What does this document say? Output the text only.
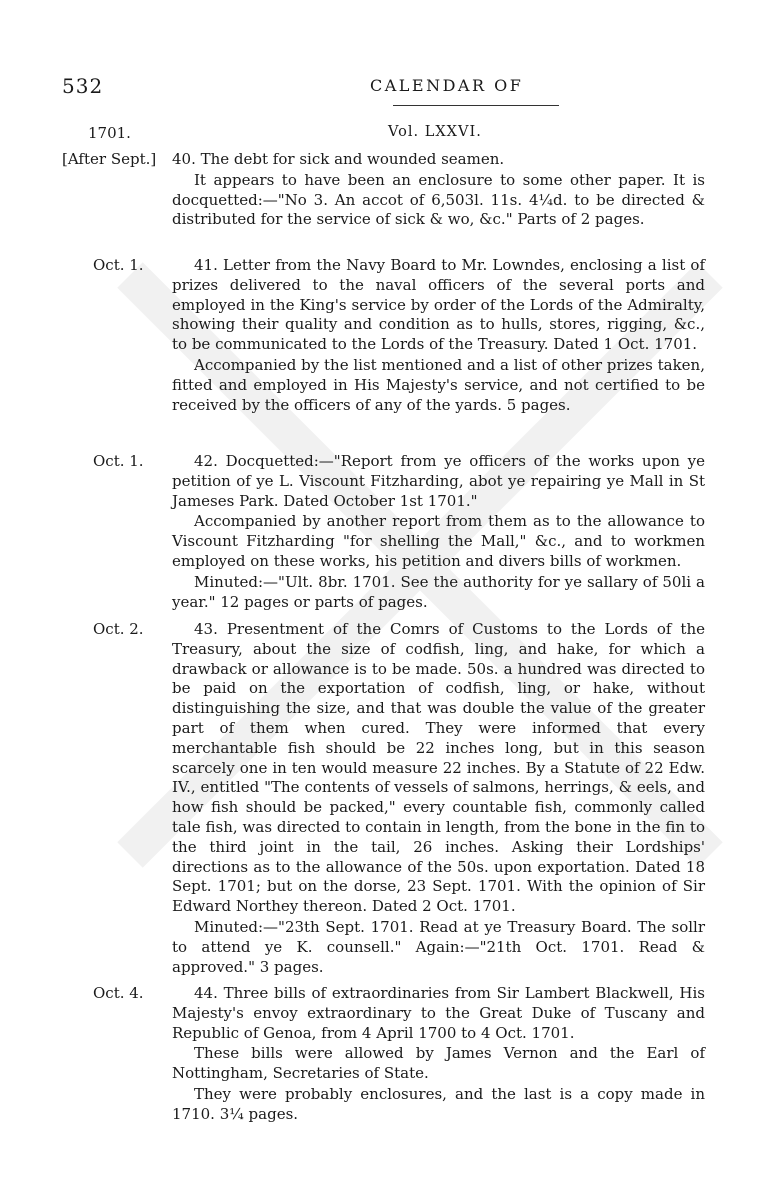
532	CALENDAR OF
1701.	Vol. LXXVI.
[After Sept.] 40. The debt for sick and wounded seamen.

It appears to have been an enclosure to some other paper. It is docquetted:—"No 3. An accot of 6,503l. 11s. 4¼d. to be directed & distributed for the service of sick & wo, &c." Parts of 2 pages.

Oct. 1.	41. Letter from the Navy Board to Mr. Lowndes, enclosing a list of prizes delivered to the naval officers of the several ports and employed in the King's service by order of the Lords of the Admiralty, showing their quality and condition as to hulls, stores, rigging, &c., to be communicated to the Lords of the Treasury. Dated 1 Oct. 1701.

Accompanied by the list mentioned and a list of other prizes taken, fitted and employed in His Majesty's service, and not certified to be received by the officers of any of the yards. 5 pages.

Oct. 1.	42. Docquetted:—"Report from ye officers of the works upon ye petition of ye L. Viscount Fitzharding, abot ye repairing ye Mall in St Jameses Park. Dated October 1st 1701."

Accompanied by another report from them as to the allowance to Viscount Fitzharding "for shelling the Mall," &c., and to workmen employed on these works, his petition and divers bills of workmen.

Minuted:—"Ult. 8br. 1701. See the authority for ye sallary of 50li a year." 12 pages or parts of pages.

Oct. 2.	43. Presentment of the Comrs of Customs to the Lords of the Treasury, about the size of codfish, ling, and hake, for which a drawback or allowance is to be made. 50s. a hundred was directed to be paid on the exportation of codfish, ling, or hake, without distinguishing the size, and that was double the value of the greater part of them when cured. They were informed that every merchantable fish should be 22 inches long, but in this season scarcely one in ten would measure 22 inches. By a Statute of 22 Edw. IV., entitled "The contents of vessels of salmons, herrings, & eels, and how fish should be packed," every countable fish, commonly called tale fish, was directed to contain in length, from the bone in the fin to the third joint in the tail, 26 inches. Asking their Lordships' directions as to the allowance of the 50s. upon exportation. Dated 18 Sept. 1701; but on the dorse, 23 Sept. 1701. With the opinion of Sir Edward Northey thereon. Dated 2 Oct. 1701.

Minuted:—"23th Sept. 1701. Read at ye Treasury Board. The sollr to attend ye K. counsell." Again:—"21th Oct. 1701. Read & approved." 3 pages.

Oct. 4.	44. Three bills of extraordinaries from Sir Lambert Blackwell, His Majesty's envoy extraordinary to the Great Duke of Tuscany and Republic of Genoa, from 4 April 1700 to 4 Oct. 1701.

These bills were allowed by James Vernon and the Earl of Nottingham, Secretaries of State.

They were probably enclosures, and the last is a copy made in 1710. 3¼ pages.
